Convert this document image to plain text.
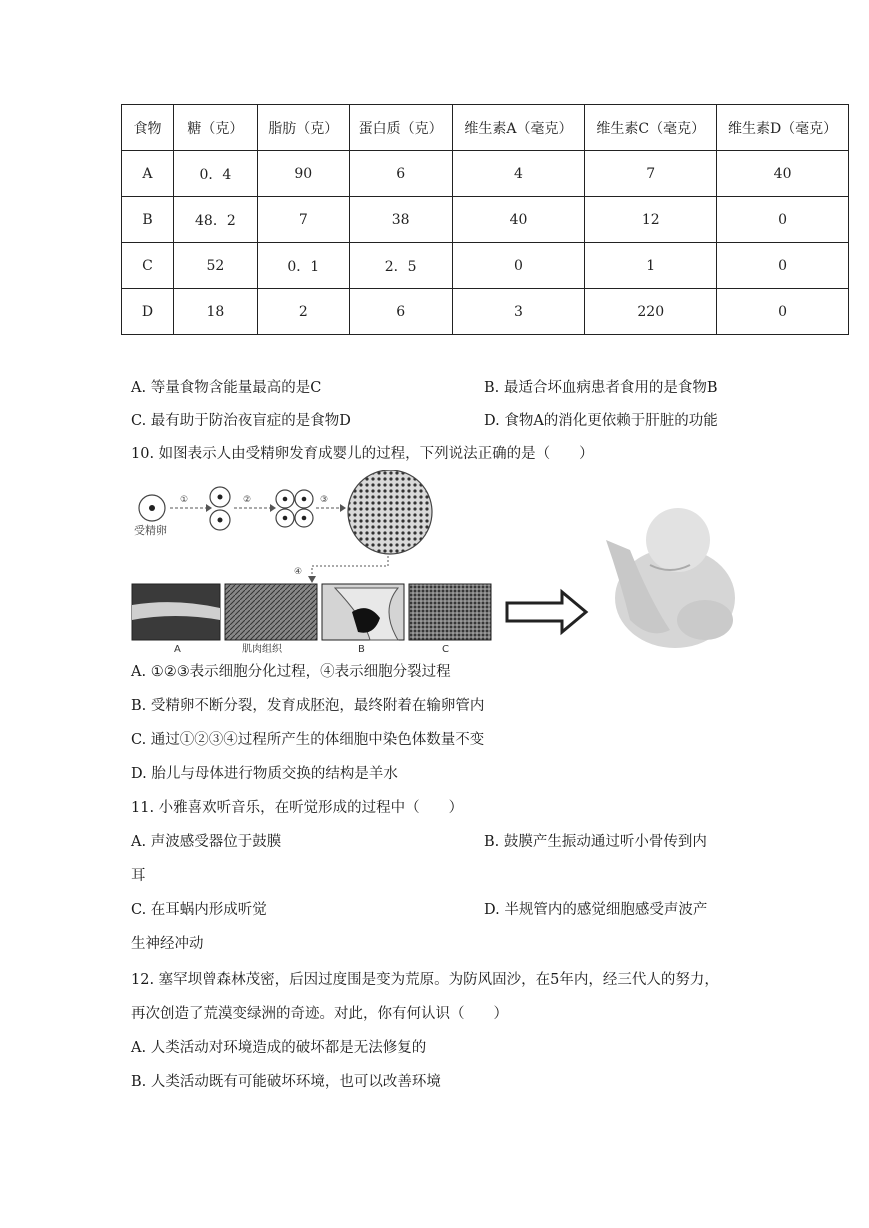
食物	糖（克）	脂肪（克）	蛋白质（克）	维生素A（毫克）	维生素C（毫克）	维生素D（毫克）
A	0．4	90	6	4	7	40
B	48．2	7	38	40	12	0
C	52	0．1	2．5	0	1	0
D	18	2	6	3	220	0
A. 等量食物含能量最高的是C	B. 最适合坏血病患者食用的是食物B
C. 最有助于防治夜盲症的是食物D	D. 食物A的消化更依赖于肝脏的功能
10. 如图表示人由受精卵发育成婴儿的过程，下列说法正确的是（　　）
受精卵
①	②	③
④
A	肌肉组织	B	C
A. ①②③表示细胞分化过程，④表示细胞分裂过程
B. 受精卵不断分裂，发育成胚泡，最终附着在输卵管内
C. 通过①②③④过程所产生的体细胞中染色体数量不变
D. 胎儿与母体进行物质交换的结构是羊水
11. 小雅喜欢听音乐，在听觉形成的过程中（　　）
A. 声波感受器位于鼓膜	B. 鼓膜产生振动通过听小骨传到内
耳
C. 在耳蜗内形成听觉	D. 半规管内的感觉细胞感受声波产
生神经冲动
12. 塞罕坝曾森林茂密，后因过度围是变为荒原。为防风固沙，在5年内，经三代人的努力，
再次创造了荒漠变绿洲的奇迹。对此，你有何认识（　　）
A. 人类活动对环境造成的破坏都是无法修复的
B. 人类活动既有可能破坏环境，也可以改善环境
